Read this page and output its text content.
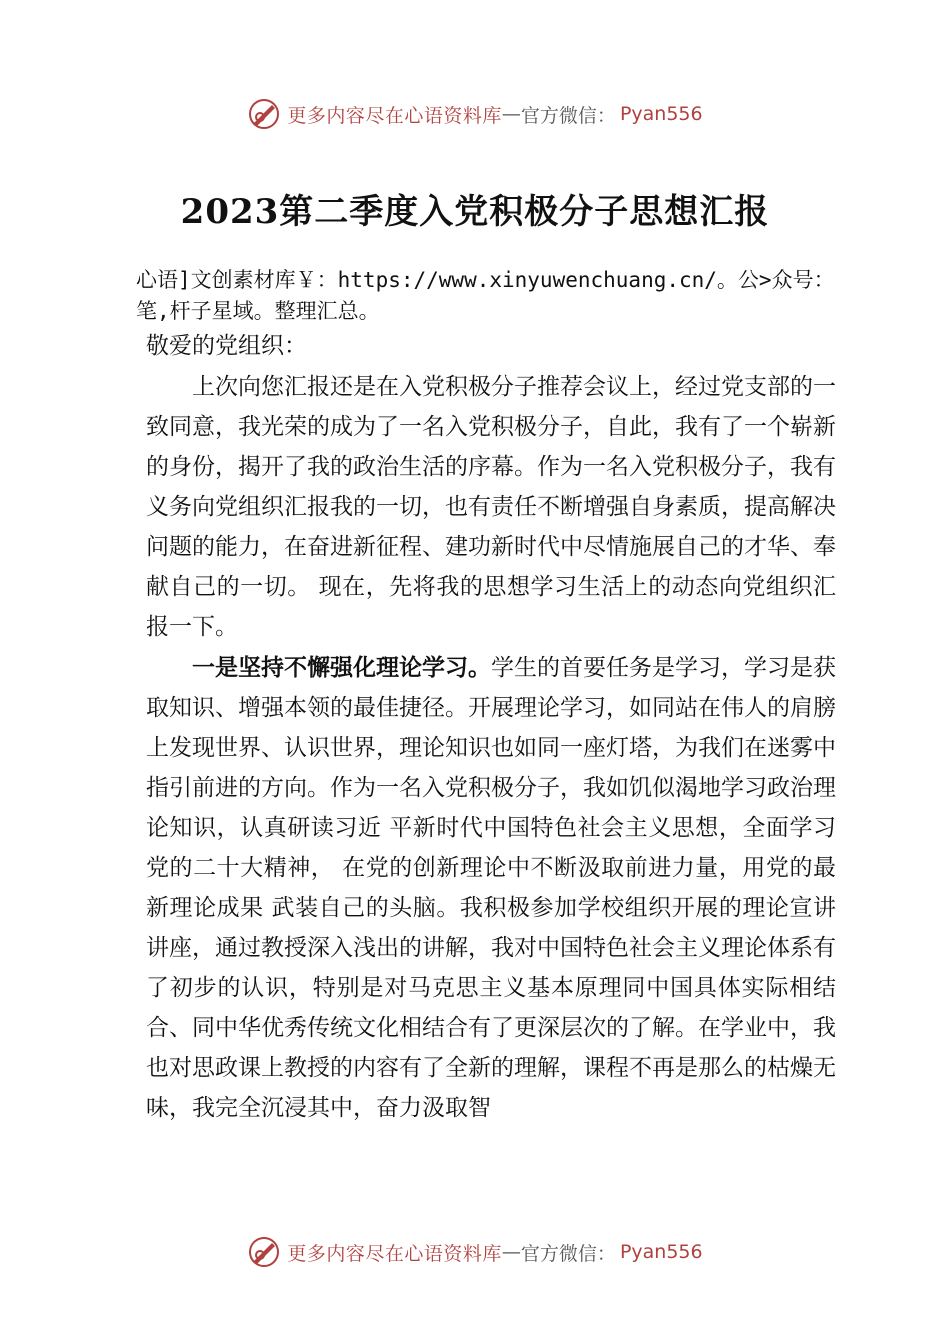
更多内容尽在心语资料库 — 官方微信： Pyan556
2023第二季度入党积极分子思想汇报
心语]文创素材库￥：https://www.xinyuwenchuang.cn/。公>众号：笔,杆子星域。整理汇总。
敬爱的党组织：
上次向您汇报还是在入党积极分子推荐会议上，经过党支部的一致同意，我光荣的成为了一名入党积极分子，自此，我有了一个崭新的身份，揭开了我的政治生活的序幕。作为一名入党积极分子，我有义务向党组织汇报我的一切，也有责任不断增强自身素质，提高解决问题的能力，在奋进新征程、建功新时代中尽情施展自己的才华、奉献自己的一切。 现在，先将我的思想学习生活上的动态向党组织汇报一下。
一是坚持不懈强化理论学习。学生的首要任务是学习，学习是获取知识、增强本领的最佳捷径。开展理论学习，如同站在伟人的肩膀上发现世界、认识世界，理论知识也如同一座灯塔，为我们在迷雾中指引前进的方向。作为一名入党积极分子，我如饥似渴地学习政治理论知识，认真研读习近 平新时代中国特色社会主义思想，全面学习党的二十大精神， 在党的创新理论中不断汲取前进力量，用党的最新理论成果 武装自己的头脑。我积极参加学校组织开展的理论宣讲讲座，通过教授深入浅出的讲解，我对中国特色社会主义理论体系有了初步的认识，特别是对马克思主义基本原理同中国具体实际相结合、同中华优秀传统文化相结合有了更深层次的了解。在学业中，我也对思政课上教授的内容有了全新的理解，课程不再是那么的枯燥无味，我完全沉浸其中，奋力汲取智
更多内容尽在心语资料库 — 官方微信： Pyan556
